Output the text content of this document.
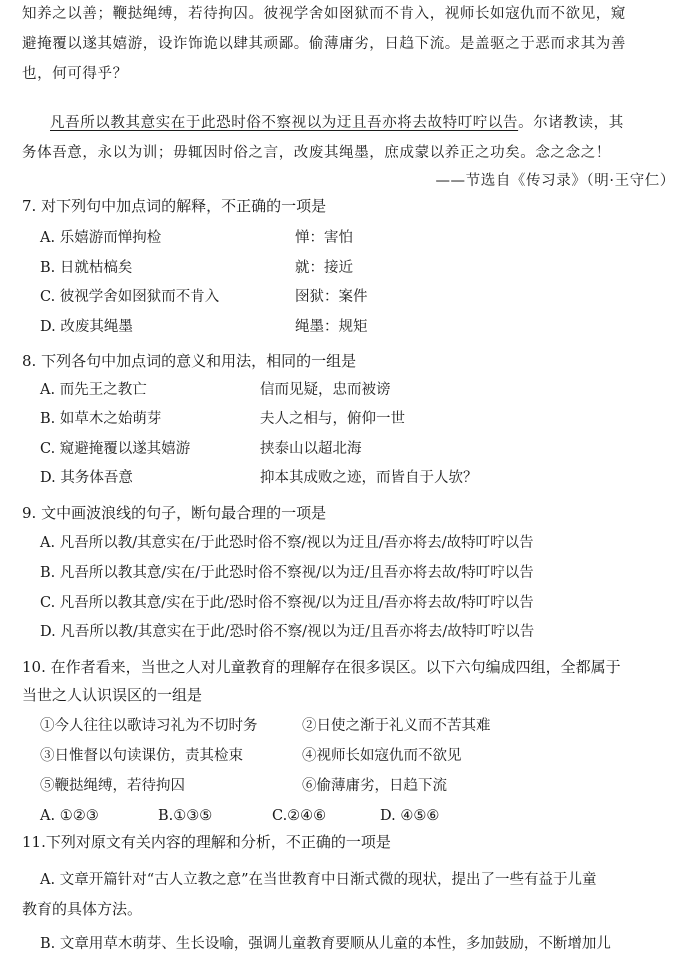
知养之以善；鞭挞绳缚，若待拘囚。彼视学舍如囹狱而不肯入，视师长如寇仇而不欲见，窥
避掩覆以遂其嬉游，设诈饰诡以肆其顽鄙。偷薄庸劣，日趋下流。是盖驱之于恶而求其为善
也，何可得乎？
凡吾所以教其意实在于此恐时俗不察视以为迂且吾亦将去故特叮咛以告。尔诸教读，其
务体吾意，永以为训；毋辄因时俗之言，改废其绳墨，庶成蒙以养正之功矣。念之念之！
——节选自《传习录》（明·王守仁）
7. 对下列句中加点词的解释，不正确的一项是
A. 乐嬉游而惮拘检	惮：害怕
B. 日就枯槁矣	就：接近
C. 彼视学舍如囹狱而不肯入	囹狱：案件
D. 改废其绳墨	绳墨：规矩
8. 下列各句中加点词的意义和用法，相同的一组是
A. 而先王之教亡	信而见疑，忠而被谤
B. 如草木之始萌芽	夫人之相与，俯仰一世
C. 窥避掩覆以遂其嬉游	挟泰山以超北海
D. 其务体吾意	抑本其成败之迹，而皆自于人欤？
9. 文中画波浪线的句子，断句最合理的一项是
A. 凡吾所以教/其意实在/于此恐时俗不察/视以为迂且/吾亦将去/故特叮咛以告
B. 凡吾所以教其意/实在/于此恐时俗不察视/以为迂/且吾亦将去故/特叮咛以告
C. 凡吾所以教其意/实在于此/恐时俗不察视/以为迂且/吾亦将去故/特叮咛以告
D. 凡吾所以教/其意实在于此/恐时俗不察/视以为迂/且吾亦将去/故特叮咛以告
10. 在作者看来，当世之人对儿童教育的理解存在很多误区。以下六句编成四组，全都属于
当世之人认识误区的一组是
①今人往往以歌诗习礼为不切时务	②日使之渐于礼义而不苦其难
③日惟督以句读课仿，责其检束	④视师长如寇仇而不欲见
⑤鞭挞绳缚，若待拘囚	⑥偷薄庸劣，日趋下流
A. ①②③	B.①③⑤	C.②④⑥	D. ④⑤⑥
11.下列对原文有关内容的理解和分析，不正确的一项是
A. 文章开篇针对“古人立教之意”在当世教育中日渐式微的现状，提出了一些有益于儿童
教育的具体方法。
B. 文章用草木萌芽、生长设喻，强调儿童教育要顺从儿童的本性，多加鼓励，不断增加儿
